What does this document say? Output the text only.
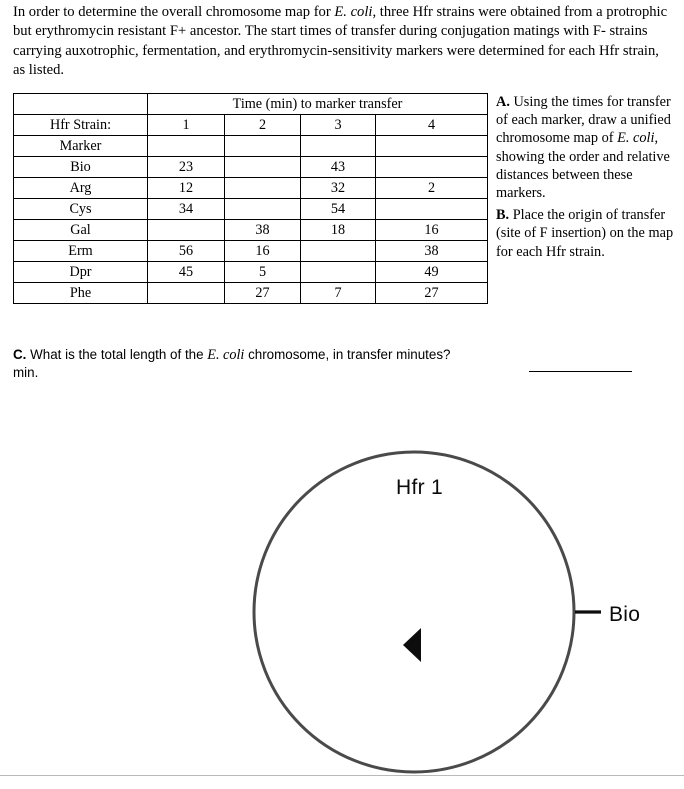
In order to determine the overall chromosome map for E. coli, three Hfr strains were obtained from a protrophic but erythromycin resistant F+ ancestor. The start times of transfer during conjugation matings with F- strains carrying auxotrophic, fermentation, and erythromycin-sensitivity markers were determined for each Hfr strain, as listed.
	Time (min) to marker transfer			
Hfr Strain:	1	2	3	4
Marker				
Bio	23		43	
Arg	12		32	2
Cys	34		54	
Gal		38	18	16
Erm	56	16		38
Dpr	45	5		49
Phe		27	7	27

A. Using the times for transfer of each marker, draw a unified chromosome map of E. coli, showing the order and relative distances between these markers.

B. Place the origin of transfer (site of F insertion) on the map for each Hfr strain.

C. What is the total length of the E. coli chromosome, in transfer minutes?
min.
Hfr 1
Bio
